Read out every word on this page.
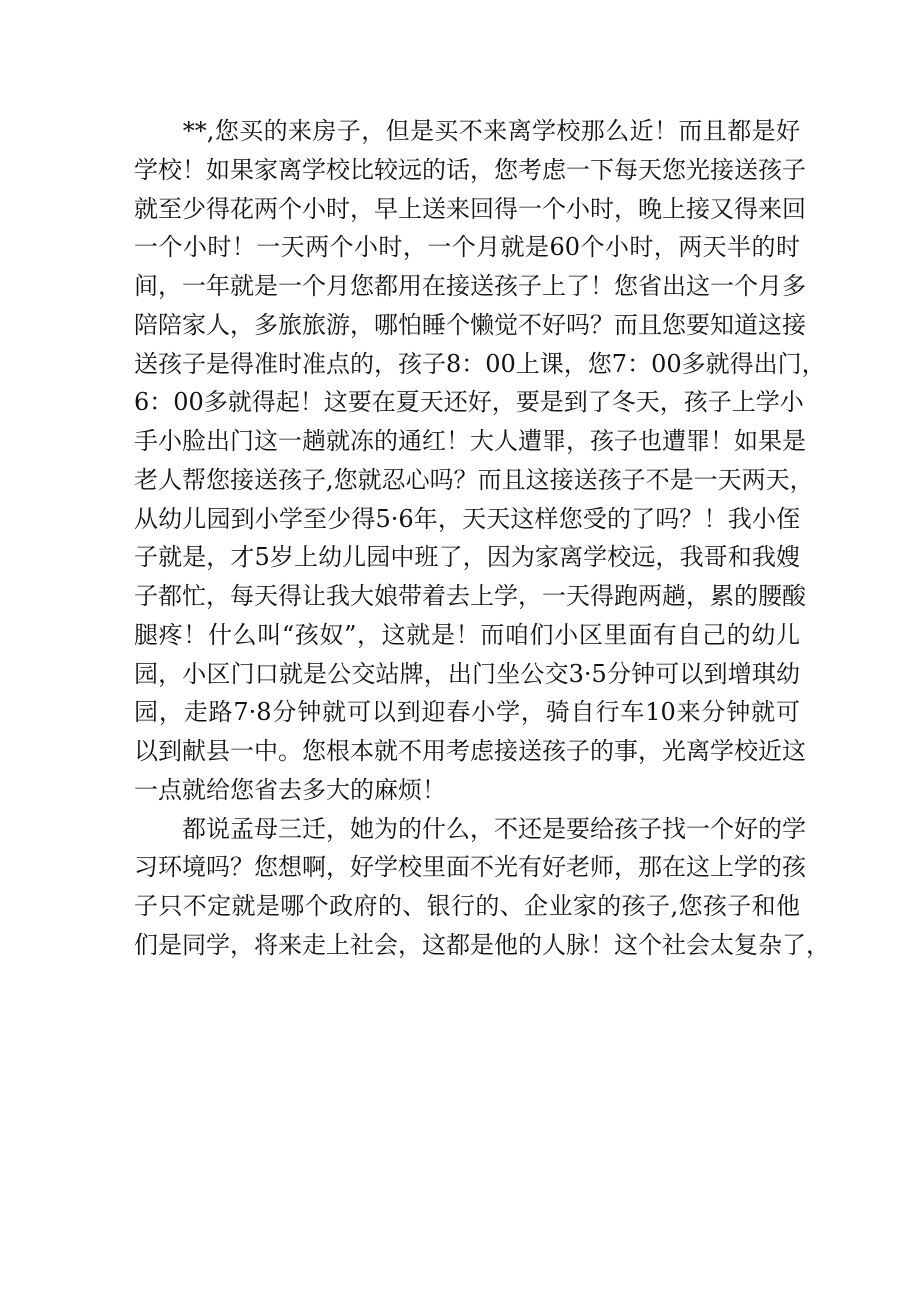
　　**,您买的来房子，但是买不来离学校那么近！而且都是好
学校！如果家离学校比较远的话，您考虑一下每天您光接送孩子
就至少得花两个小时，早上送来回得一个小时，晚上接又得来回
一个小时！一天两个小时，一个月就是60个小时，两天半的时
间，一年就是一个月您都用在接送孩子上了！您省出这一个月多
陪陪家人，多旅旅游，哪怕睡个懒觉不好吗？而且您要知道这接
送孩子是得准时准点的，孩子8：00上课，您7：00多就得出门，
6：00多就得起！这要在夏天还好，要是到了冬天，孩子上学小
手小脸出门这一趟就冻的通红！大人遭罪，孩子也遭罪！如果是
老人帮您接送孩子,您就忍心吗？而且这接送孩子不是一天两天，
从幼儿园到小学至少得5·6年，天天这样您受的了吗？！我小侄
子就是，才5岁上幼儿园中班了，因为家离学校远，我哥和我嫂
子都忙，每天得让我大娘带着去上学，一天得跑两趟，累的腰酸
腿疼！什么叫“孩奴”，这就是！而咱们小区里面有自己的幼儿
园，小区门口就是公交站牌，出门坐公交3·5分钟可以到增琪幼
园，走路7·8分钟就可以到迎春小学，骑自行车10来分钟就可
以到献县一中。您根本就不用考虑接送孩子的事，光离学校近这
一点就给您省去多大的麻烦！
　　都说孟母三迁，她为的什么，不还是要给孩子找一个好的学
习环境吗？您想啊，好学校里面不光有好老师，那在这上学的孩
子只不定就是哪个政府的、银行的、企业家的孩子,您孩子和他
们是同学，将来走上社会，这都是他的人脉！这个社会太复杂了，
